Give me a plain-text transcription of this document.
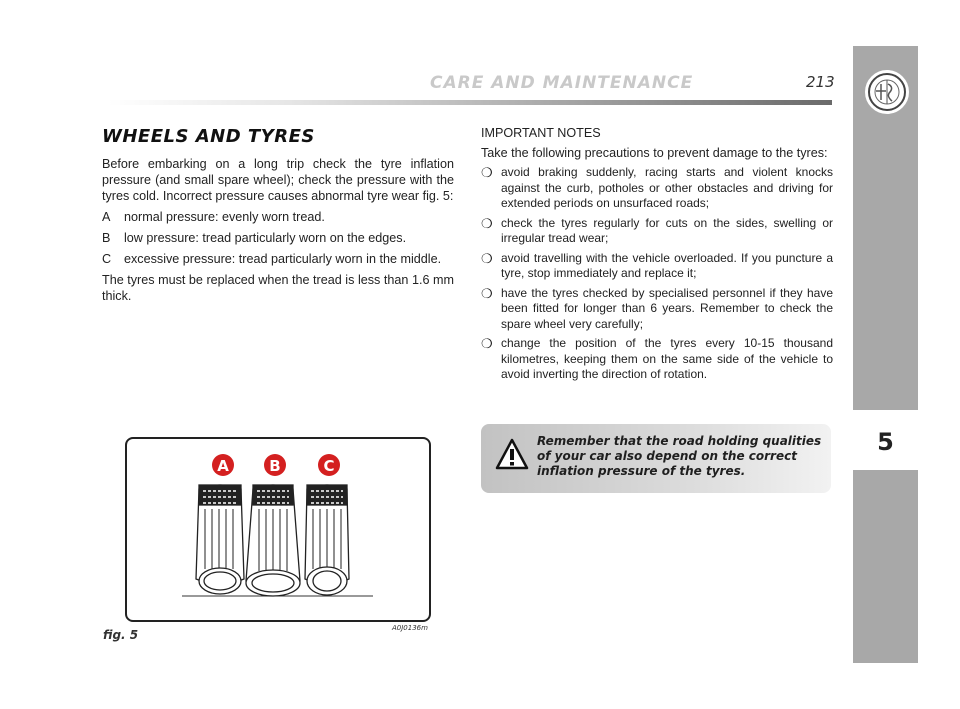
CARE AND MAINTENANCE	213
5
WHEELS AND TYRES

Before embarking on a long trip check the tyre inflation pressure (and small spare wheel); check the pressure with the tyres cold. Incorrect pressure causes abnormal tyre wear fig. 5:

A	normal pressure: evenly worn tread.
B	low pressure: tread particularly worn on the edges.
C	excessive pressure: tread particularly worn in the middle.

The tyres must be replaced when the tread is less than 1.6 mm thick.

IMPORTANT NOTES

Take the following precautions to prevent damage to the tyres:

❍ avoid braking suddenly, racing starts and violent knocks against the curb, potholes or other obstacles and driving for extended periods on unsurfaced roads;
❍ check the tyres regularly for cuts on the sides, swelling or irregular tread wear;
❍ avoid travelling with the vehicle overloaded. If you puncture a tyre, stop immediately and replace it;
❍ have the tyres checked by specialised personnel if they have been fitted for longer than 6 years. Remember to check the spare wheel very carefully;
❍ change the position of the tyres every 10-15 thousand kilometres, keeping them on the same side of the vehicle to avoid inverting the direction of rotation.
Remember that the road holding qualities of your car also depend on the correct inflation pressure of the tyres.
A	B	C
fig. 5	A0J0136m
